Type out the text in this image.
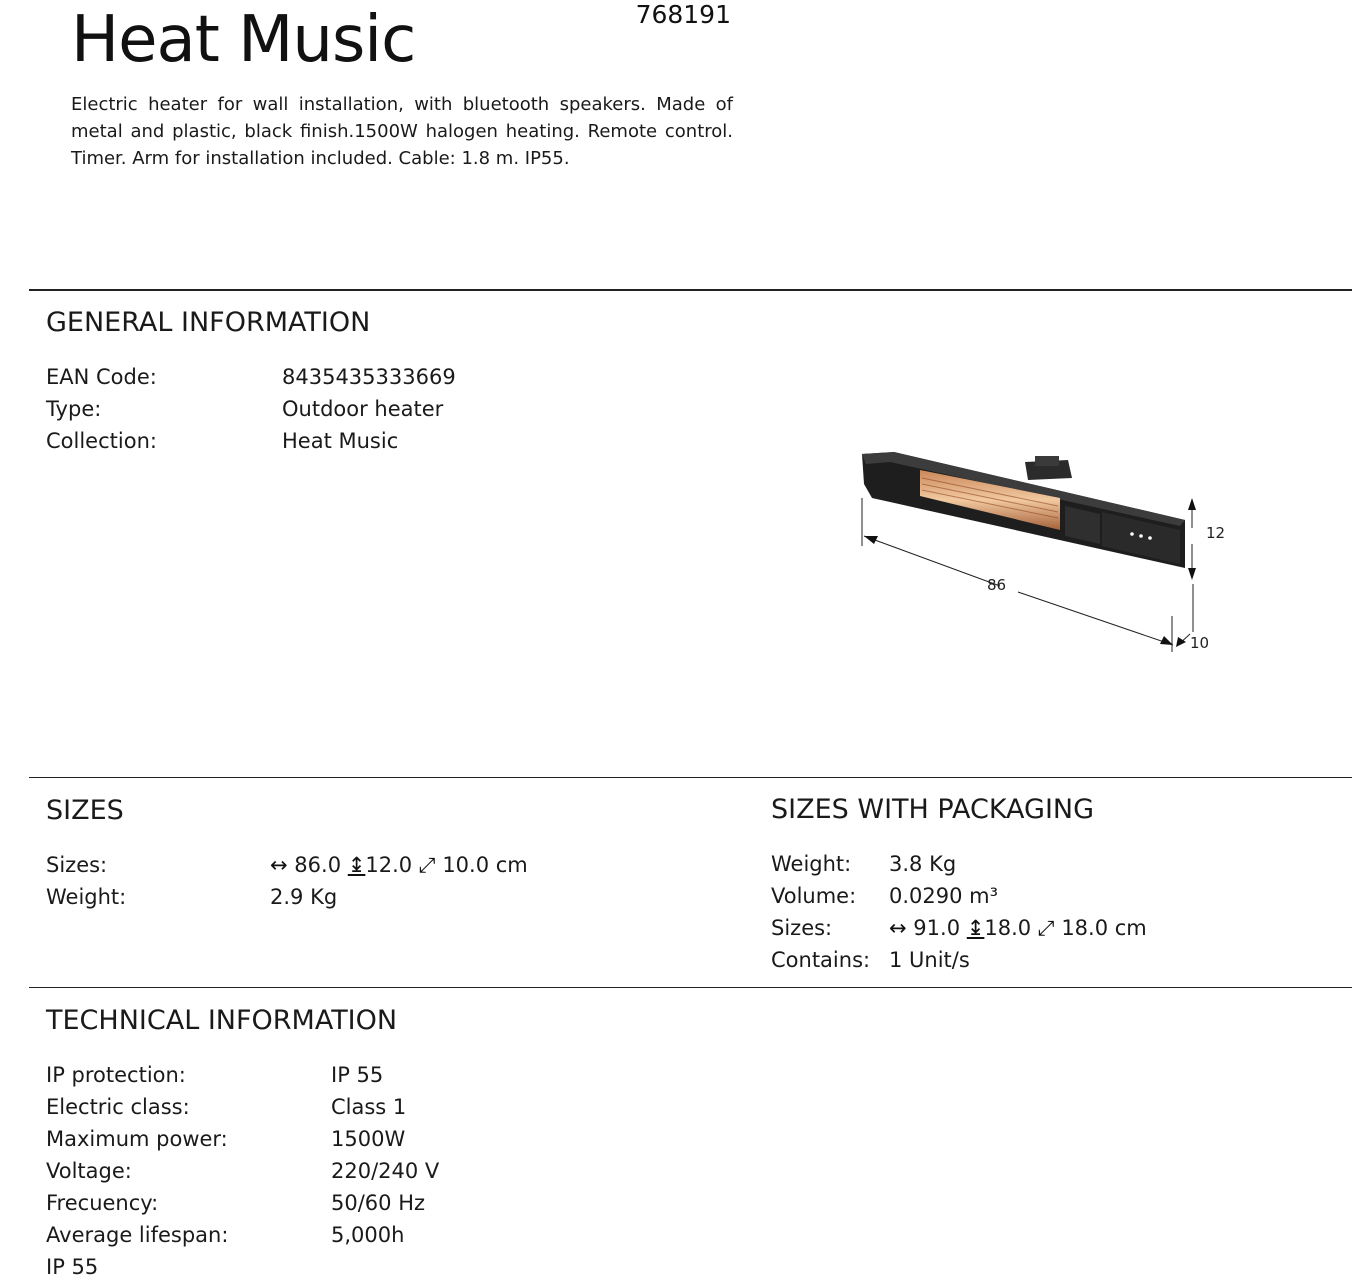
Heat Music	768191
Electric heater for wall installation, with bluetooth speakers. Made of metal and plastic, black finish.1500W halogen heating. Remote control. Timer. Arm for installation included. Cable: 1.8 m. IP55.
GENERAL INFORMATION
EAN Code:	8435435333669
Type:	Outdoor heater
Collection:	Heat Music
86
12
10
SIZES
Sizes:	↔ 86.0 ↨12.0 ⤢ 10.0 cm
Weight:	2.9 Kg
SIZES WITH PACKAGING
Weight: 3.8 Kg
Volume: 0.0290 m³
Sizes:	↔ 91.0 ↨18.0 ⤢ 18.0 cm
Contains: 1 Unit/s
TECHNICAL INFORMATION
IP protection:	IP 55
Electric class:	Class 1
Maximum power:	1500W
Voltage:	220/240 V
Frecuency:	50/60 Hz
Average lifespan:	5,000h
IP 55
